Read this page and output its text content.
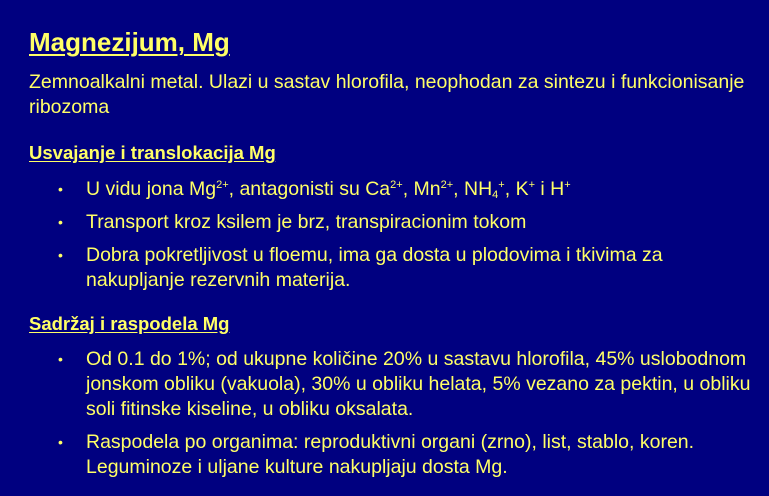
Magnezijum, Mg
Zemnoalkalni metal. Ulazi u sastav hlorofila, neophodan za sintezu i funkcionisanje ribozoma
Usvajanje i translokacija Mg
• U vidu jona $Mg^{2+}$, antagonisti su $Ca^{2+}$, $Mn^{2+}$, $NH_4^+$, K+ i H+
• Transport kroz ksilem je brz, transpiracionim tokom
• Dobra pokretljivost u floemu, ima ga dosta u plodovima i tkivima za nakupljanje rezervnih materija.
Sadržaj i raspodela Mg
• Od 0.1 do 1%; od ukupne količine 20% u sastavu hlorofila, 45% uslobodnom jonskom obliku (vakuola), 30% u obliku helata, 5% vezano za pektin, u obliku soli fitinske kiseline, u obliku oksalata.
• Raspodela po organima: reproduktivni organi (zrno), list, stablo, koren. Leguminoze i uljane kulture nakupljaju dosta Mg.
